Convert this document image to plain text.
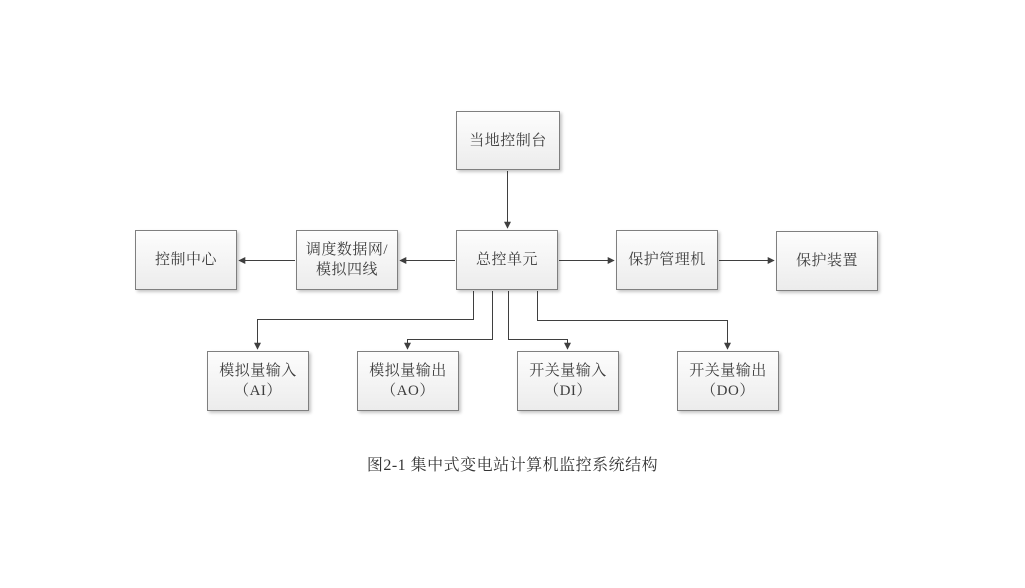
当地控制台
控制中心
调度数据网/
模拟四线
总控单元	保护管理机	保护装置
模拟量输入
（AI）
模拟量输出
（AO）
开关量输入
（DI）
开关量输出
（DO）
图2-1 集中式变电站计算机监控系统结构
